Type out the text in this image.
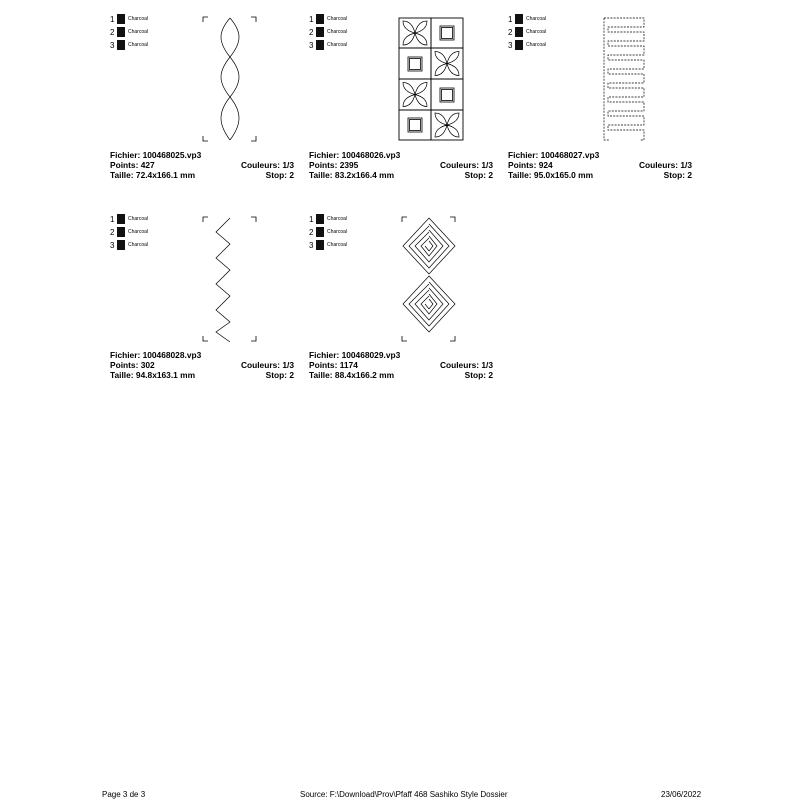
1	Charcoal
2	Charcoal
3	Charcoal
Fichier: 100468025.vp3
Points: 427	Couleurs: 1/3
Taille: 72.4x166.1 mm	Stop: 2
1	Charcoal
2	Charcoal
3	Charcoal
Fichier: 100468026.vp3
Points: 2395	Couleurs: 1/3
Taille: 83.2x166.4 mm	Stop: 2
1	Charcoal
2	Charcoal
3	Charcoal
Fichier: 100468027.vp3
Points: 924	Couleurs: 1/3
Taille: 95.0x165.0 mm	Stop: 2
1	Charcoal
2	Charcoal
3	Charcoal
Fichier: 100468028.vp3
Points: 302	Couleurs: 1/3
Taille: 94.8x163.1 mm	Stop: 2
1	Charcoal
2	Charcoal
3	Charcoal
Fichier: 100468029.vp3
Points: 1174	Couleurs: 1/3
Taille: 88.4x166.2 mm	Stop: 2
Page 3 de 3	Source: F:\Download\Prov\Pfaff 468 Sashiko Style Dossier	23/06/2022
